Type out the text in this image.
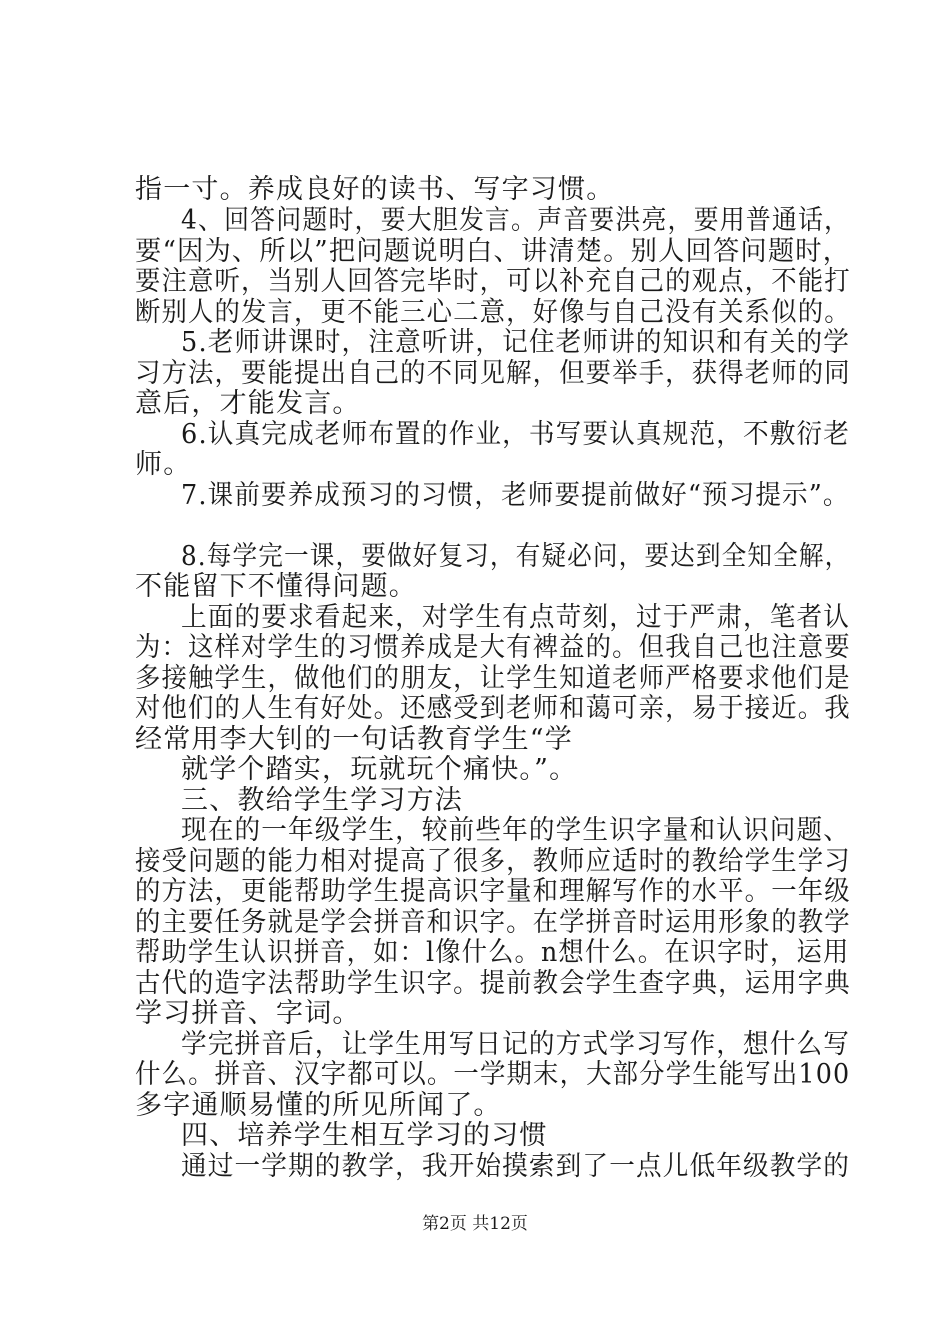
指一寸。养成良好的读书、写字习惯。
4、回答问题时，要大胆发言。声音要洪亮，要用普通话，
要“因为、所以”把问题说明白、讲清楚。别人回答问题时，
要注意听，当别人回答完毕时，可以补充自己的观点，不能打
断别人的发言，更不能三心二意，好像与自己没有关系似的。
5.老师讲课时，注意听讲，记住老师讲的知识和有关的学
习方法，要能提出自己的不同见解，但要举手，获得老师的同
意后，才能发言。
6.认真完成老师布置的作业，书写要认真规范，不敷衍老
师。
7.课前要养成预习的习惯，老师要提前做好“预习提示”。
8.每学完一课，要做好复习，有疑必问，要达到全知全解，
不能留下不懂得问题。
上面的要求看起来，对学生有点苛刻，过于严肃，笔者认
为：这样对学生的习惯养成是大有裨益的。但我自己也注意要
多接触学生，做他们的朋友，让学生知道老师严格要求他们是
对他们的人生有好处。还感受到老师和蔼可亲，易于接近。我
经常用李大钊的一句话教育学生“学
就学个踏实，玩就玩个痛快。”。
三、教给学生学习方法
现在的一年级学生，较前些年的学生识字量和认识问题、
接受问题的能力相对提高了很多，教师应适时的教给学生学习
的方法，更能帮助学生提高识字量和理解写作的水平。一年级
的主要任务就是学会拼音和识字。在学拼音时运用形象的教学
帮助学生认识拼音，如：l像什么。n想什么。在识字时，运用
古代的造字法帮助学生识字。提前教会学生查字典，运用字典
学习拼音、字词。
学完拼音后，让学生用写日记的方式学习写作，想什么写
什么。拼音、汉字都可以。一学期末，大部分学生能写出100
多字通顺易懂的所见所闻了。
四、培养学生相互学习的习惯
通过一学期的教学，我开始摸索到了一点儿低年级教学的
第2页 共12页
